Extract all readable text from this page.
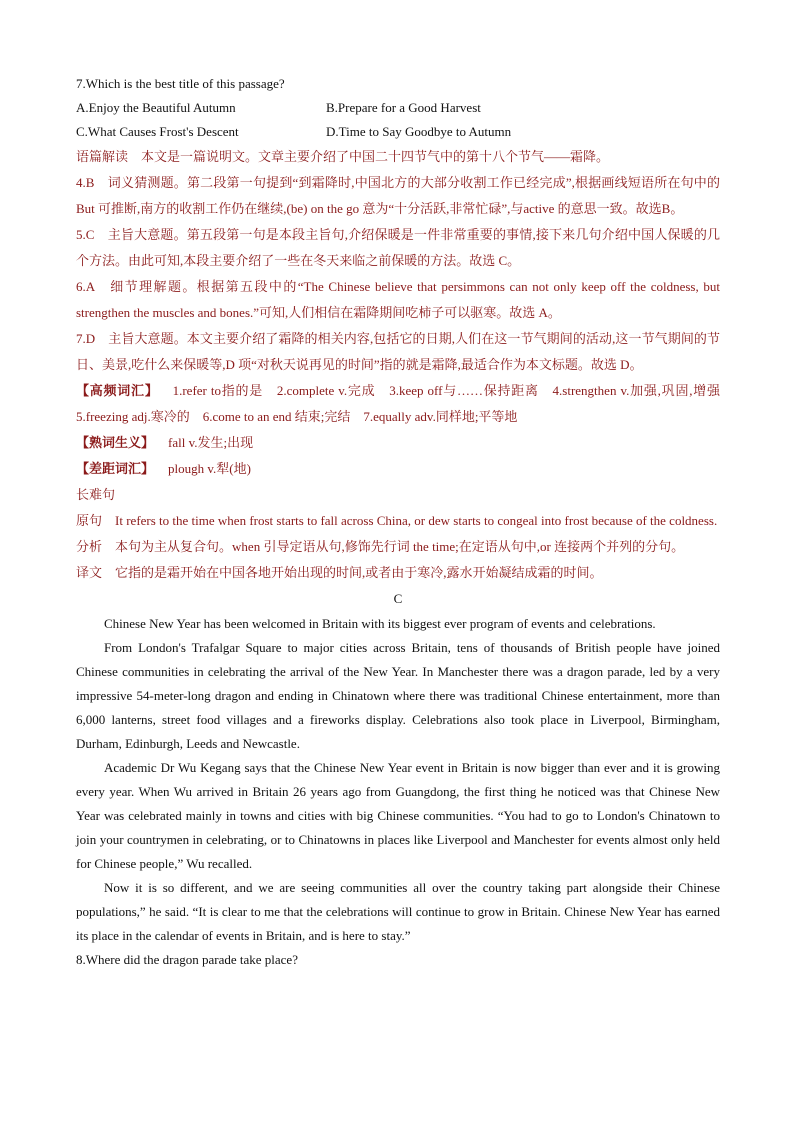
7.Which is the best title of this passage?
A.Enjoy the Beautiful Autumn	B.Prepare for a Good Harvest
C.What Causes Frost's Descent	D.Time to Say Goodbye to Autumn
语篇解读　本文是一篇说明文。文章主要介绍了中国二十四节气中的第十八个节气——霜降。
4.B　词义猜测题。第二段第一句提到“到霜降时,中国北方的大部分收割工作已经完成”,根据画线短语所在句中的But 可推断,南方的收割工作仍在继续,(be) on the go 意为“十分活跃,非常忙碌”,与active 的意思一致。故选B。
5.C　主旨大意题。第五段第一句是本段主旨句,介绍保暖是一件非常重要的事情,接下来几句介绍中国人保暖的几个方法。由此可知,本段主要介绍了一些在冬天来临之前保暖的方法。故选 C。
6.A　细节理解题。根据第五段中的“The Chinese believe that persimmons can not only keep off the coldness, but strengthen the muscles and bones.”可知,人们相信在霜降期间吃柿子可以驱寒。故选 A。
7.D　主旨大意题。本文主要介绍了霜降的相关内容,包括它的日期,人们在这一节气期间的活动,这一节气期间的节日、美景,吃什么来保暖等,D 项“对秋天说再见的时间”指的就是霜降,最适合作为本文标题。故选 D。
【高频词汇】 1.refer to指的是　2.complete v.完成　3.keep off与……保持距离　4.strengthen v.加强,巩固,增强　5.freezing adj.寒冷的　6.come to an end 结束;完结　7.equally adv.同样地;平等地
【熟词生义】 fall v.发生;出现
【差距词汇】 plough v.犁(地)
长难句
原句　 It refers to the time when frost starts to fall across China, or dew starts to congeal into frost because of the coldness.
分析　 本句为主从复合句。when 引导定语从句,修饰先行词 the time;在定语从句中,or 连接两个并列的分句。
译文　 它指的是霜开始在中国各地开始出现的时间,或者由于寒冷,露水开始凝结成霜的时间。
C
Chinese New Year has been welcomed in Britain with its biggest ever program of events and celebrations.
From London's Trafalgar Square to major cities across Britain, tens of thousands of British people have joined Chinese communities in celebrating the arrival of the New Year. In Manchester there was a dragon parade, led by a very impressive 54-meter-long dragon and ending in Chinatown where there was traditional Chinese entertainment, more than 6,000 lanterns, street food villages and a fireworks display. Celebrations also took place in Liverpool, Birmingham, Durham, Edinburgh, Leeds and Newcastle.
Academic Dr Wu Kegang says that the Chinese New Year event in Britain is now bigger than ever and it is growing every year. When Wu arrived in Britain 26 years ago from Guangdong, the first thing he noticed was that Chinese New Year was celebrated mainly in towns and cities with big Chinese communities. “You had to go to London's Chinatown to join your countrymen in celebrating, or to Chinatowns in places like Liverpool and Manchester for events almost only held for Chinese people,” Wu recalled.
Now it is so different, and we are seeing communities all over the country taking part alongside their Chinese populations,” he said. “It is clear to me that the celebrations will continue to grow in Britain. Chinese New Year has earned its place in the calendar of events in Britain, and is here to stay.”
8.Where did the dragon parade take place?
